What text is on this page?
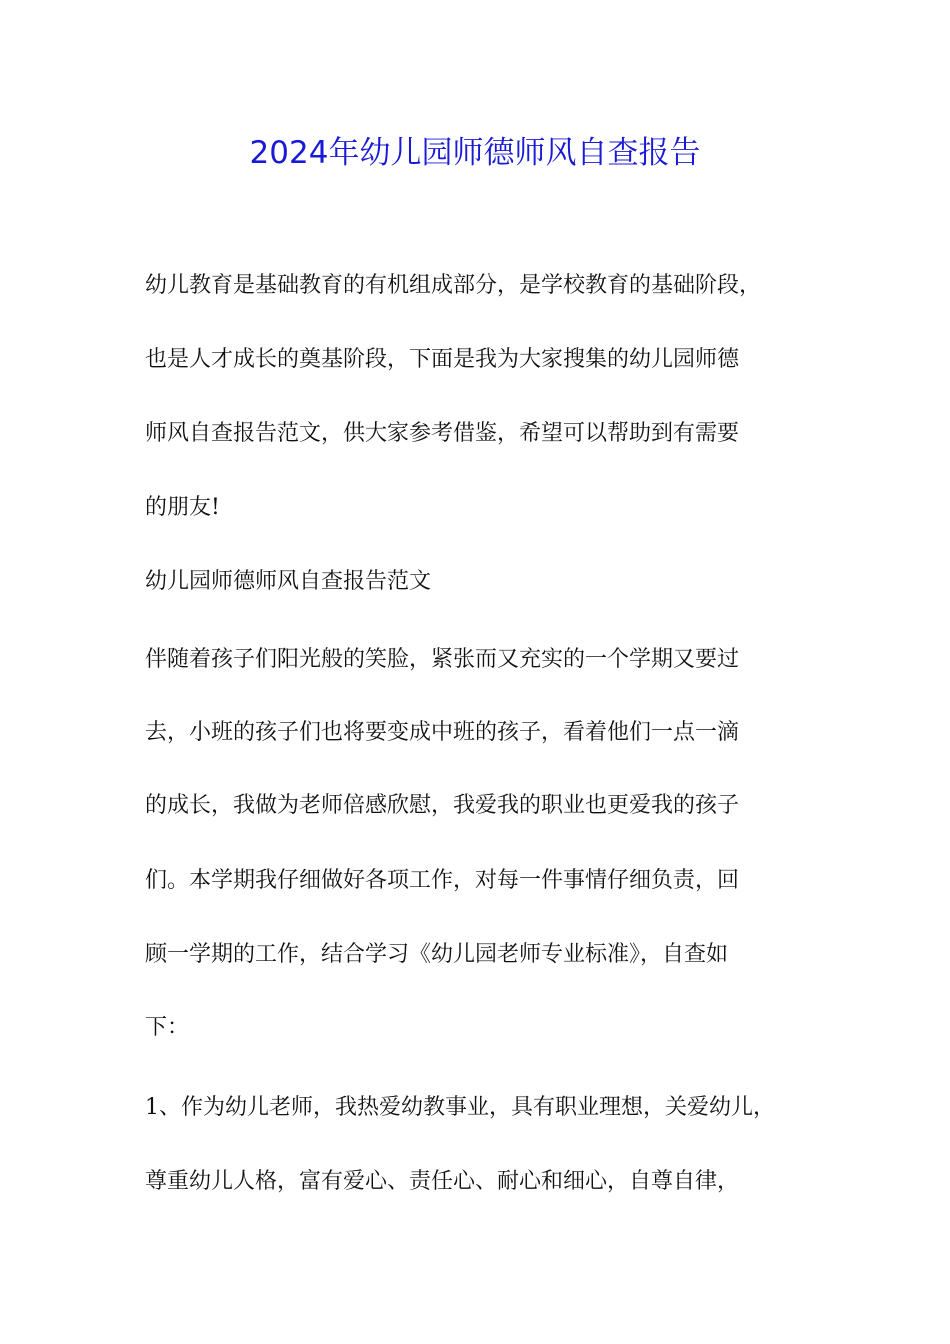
2024年幼儿园师德师风自查报告

幼儿教育是基础教育的有机组成部分，是学校教育的基础阶段，

也是人才成长的奠基阶段，下面是我为大家搜集的幼儿园师德

师风自查报告范文，供大家参考借鉴，希望可以帮助到有需要

的朋友!

幼儿园师德师风自查报告范文

伴随着孩子们阳光般的笑脸，紧张而又充实的一个学期又要过

去，小班的孩子们也将要变成中班的孩子，看着他们一点一滴

的成长，我做为老师倍感欣慰，我爱我的职业也更爱我的孩子

们。本学期我仔细做好各项工作，对每一件事情仔细负责，回

顾一学期的工作，结合学习《幼儿园老师专业标准》，自查如

下：

1、作为幼儿老师，我热爱幼教事业，具有职业理想，关爱幼儿，

尊重幼儿人格，富有爱心、责任心、耐心和细心，自尊自律，
